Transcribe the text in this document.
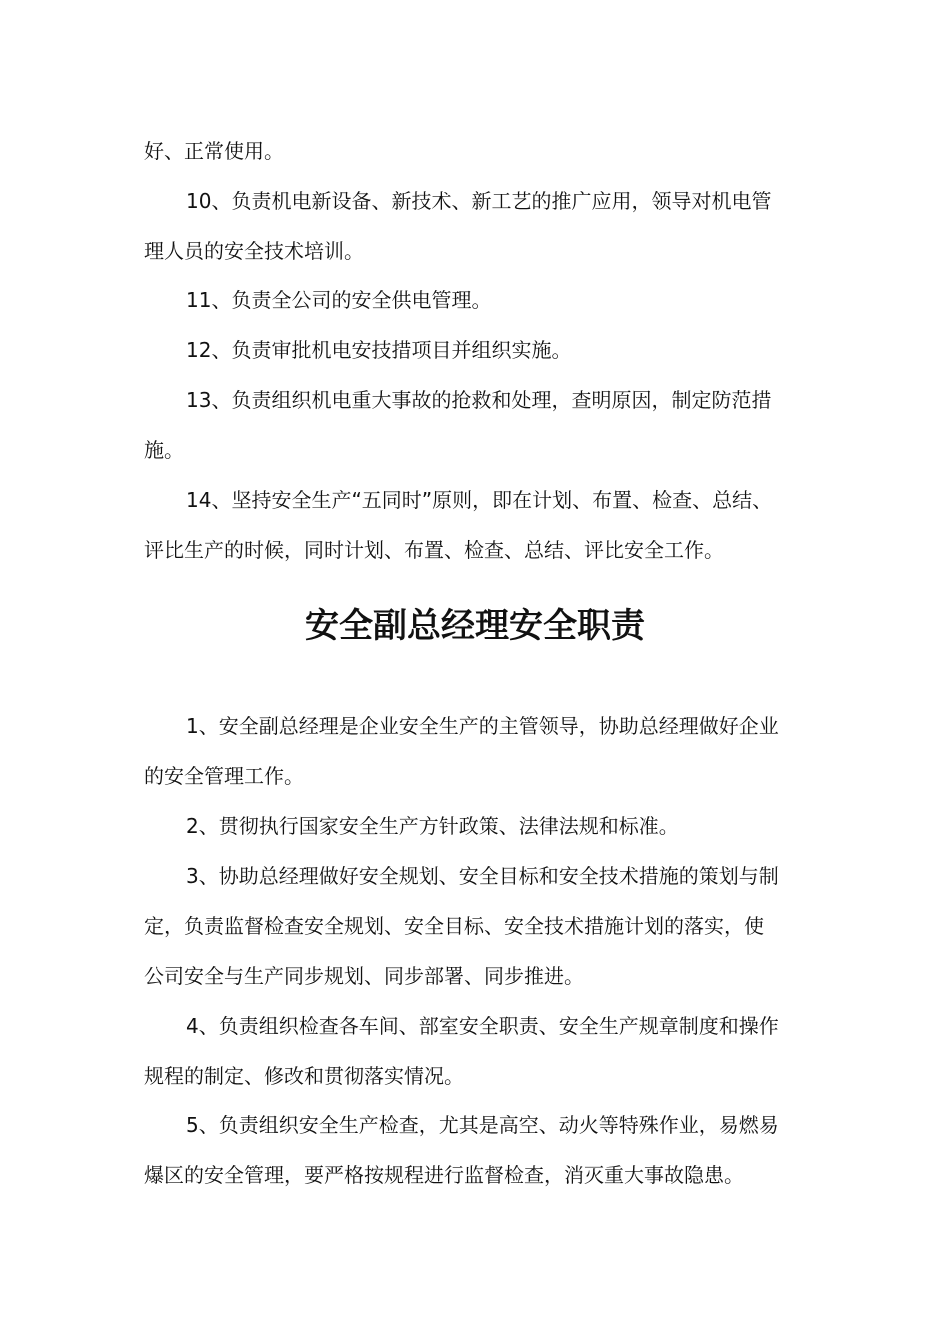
好、正常使用。
10、负责机电新设备、新技术、新工艺的推广应用，领导对机电管
理人员的安全技术培训。
11、负责全公司的安全供电管理。
12、负责审批机电安技措项目并组织实施。
13、负责组织机电重大事故的抢救和处理，查明原因，制定防范措
施。
14、坚持安全生产“五同时”原则，即在计划、布置、检查、总结、
评比生产的时候，同时计划、布置、检查、总结、评比安全工作。
安全副总经理安全职责
1、安全副总经理是企业安全生产的主管领导，协助总经理做好企业
的安全管理工作。
2、贯彻执行国家安全生产方针政策、法律法规和标准。
3、协助总经理做好安全规划、安全目标和安全技术措施的策划与制
定，负责监督检查安全规划、安全目标、安全技术措施计划的落实，使
公司安全与生产同步规划、同步部署、同步推进。
4、负责组织检查各车间、部室安全职责、安全生产规章制度和操作
规程的制定、修改和贯彻落实情况。
5、负责组织安全生产检查，尤其是高空、动火等特殊作业，易燃易
爆区的安全管理，要严格按规程进行监督检查，消灭重大事故隐患。
